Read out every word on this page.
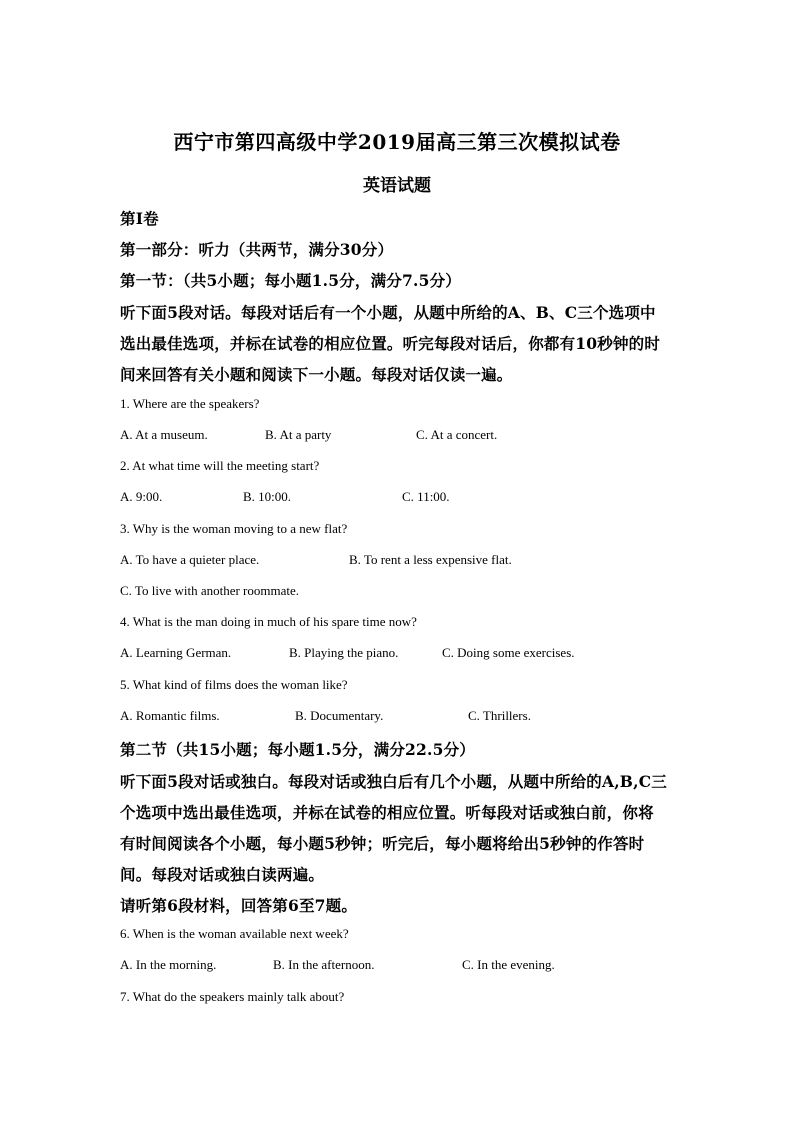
西宁市第四高级中学2019届高三第三次模拟试卷
英语试题
第I卷
第一部分：听力（共两节，满分30分）
第一节：（共5小题；每小题1.5分，满分7.5分）
听下面5段对话。每段对话后有一个小题，从题中所给的A、B、C三个选项中
选出最佳选项，并标在试卷的相应位置。听完每段对话后，你都有10秒钟的时
间来回答有关小题和阅读下一小题。每段对话仅读一遍。
1. Where are the speakers?
A. At a museum.	B. At a party	C. At a concert.
2. At what time will the meeting start?
A. 9:00.	B. 10:00.	C. 11:00.
3. Why is the woman moving to a new flat?
A. To have a quieter place.	B. To rent a less expensive flat.
C. To live with another roommate.
4. What is the man doing in much of his spare time now?
A. Learning German.	B. Playing the piano.	C. Doing some exercises.
5. What kind of films does the woman like?
A. Romantic films.	B. Documentary.	C. Thrillers.
第二节（共15小题；每小题1.5分，满分22.5分）
听下面5段对话或独白。每段对话或独白后有几个小题，从题中所给的A,B,C三
个选项中选出最佳选项，并标在试卷的相应位置。听每段对话或独白前，你将
有时间阅读各个小题，每小题5秒钟；听完后，每小题将给出5秒钟的作答时
间。每段对话或独白读两遍。
请听第6段材料，回答第6至7题。
6. When is the woman available next week?
A. In the morning.	B. In the afternoon.	C. In the evening.
7. What do the speakers mainly talk about?
